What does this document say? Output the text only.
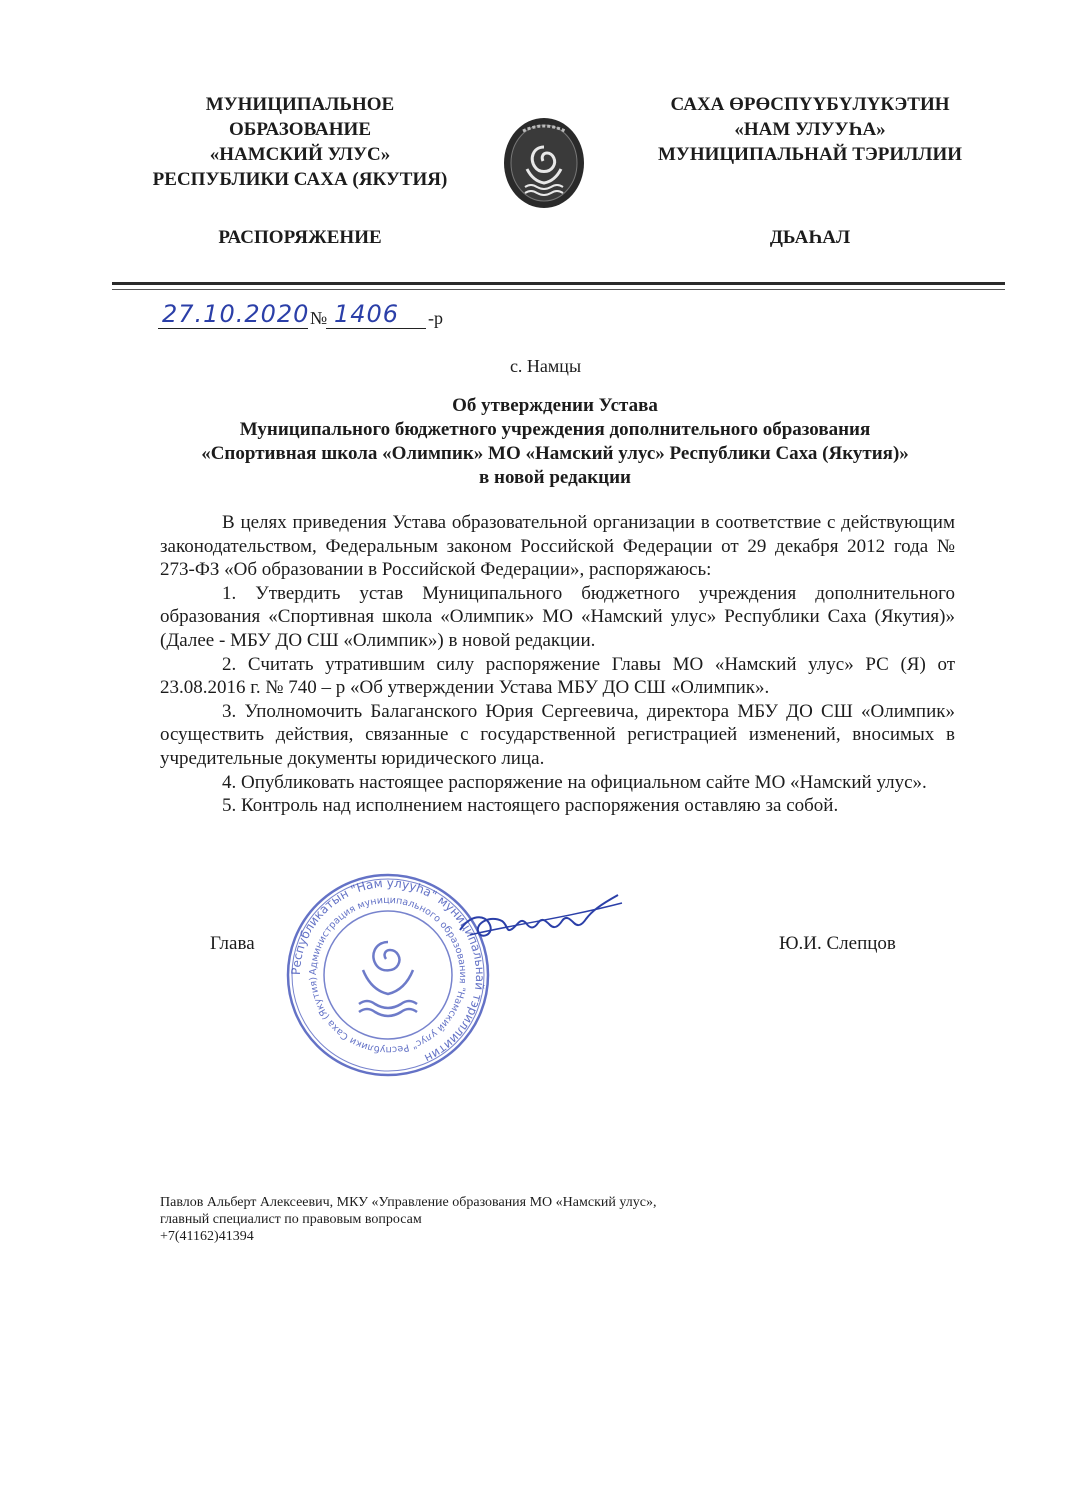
МУНИЦИПАЛЬНОЕ
ОБРАЗОВАНИЕ
«НАМСКИЙ УЛУС»
РЕСПУБЛИКИ САХА (ЯКУТИЯ)
САХА ӨРӨСПҮҮБҮЛҮКЭТИН
«НАМ УЛУУҺА»
МУНИЦИПАЛЬНАЙ ТЭРИЛЛИИ
РАСПОРЯЖЕНИЕ	ДЬАҺАЛ
27.10.2020 № 1406 -р
с. Намцы
Об утверждении Устава
Муниципального бюджетного учреждения дополнительного образования
«Спортивная школа «Олимпик» МО «Намский улус» Республики Саха (Якутия)»
в новой редакции

В целях приведения Устава образовательной организации в соответствие с действующим законодательством, Федеральным законом Российской Федерации от 29 декабря 2012 года № 273-ФЗ «Об образовании в Российской Федерации», распоряжаюсь:

1. Утвердить устав Муниципального бюджетного учреждения дополнительного образования «Спортивная школа «Олимпик» МО «Намский улус» Республики Саха (Якутия)» (Далее - МБУ ДО СШ «Олимпик») в новой редакции.

2. Считать утратившим силу распоряжение Главы МО «Намский улус» РС (Я) от 23.08.2016 г. № 740 – р «Об утверждении Устава МБУ ДО СШ «Олимпик».

3. Уполномочить Балаганского Юрия Сергеевича, директора МБУ ДО СШ «Олимпик» осуществить действия, связанные с государственной регистрацией изменений, вносимых в учредительные документы юридического лица.

4. Опубликовать настоящее распоряжение на официальном сайте МО «Намский улус».

5. Контроль над исполнением настоящего распоряжения оставляю за собой.

Республикатын "Нам улууһа" муниципальнай тэриллиитин
Администрация муниципального образования "Намский улус" Республики Саха (Якутия)
Глава	Ю.И. Слепцов
Павлов Альберт Алексеевич, МКУ «Управление образования МО «Намский улус»,
главный специалист по правовым вопросам
+7(41162)41394
